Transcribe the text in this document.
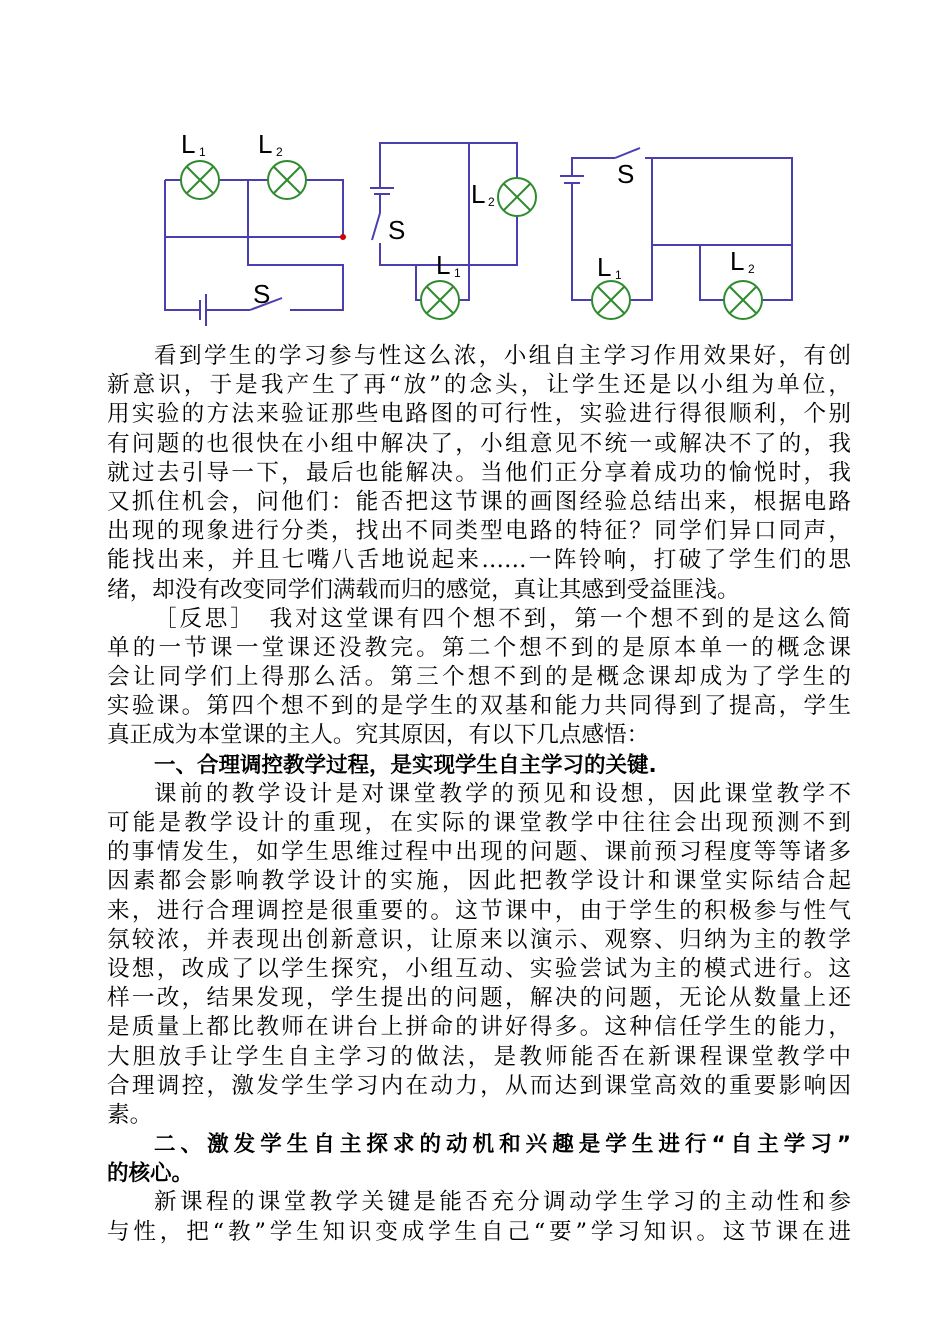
L 1 L 2
S
S
L 2
L 1
S
L 1	L 2

看到学生的学习参与性这么浓，小组自主学习作用效果好，有创
新意识，于是我产生了再“放”的念头，让学生还是以小组为单位，
用实验的方法来验证那些电路图的可行性，实验进行得很顺利，个别
有问题的也很快在小组中解决了，小组意见不统一或解决不了的，我
就过去引导一下，最后也能解决。当他们正分享着成功的愉悦时，我
又抓住机会，问他们：能否把这节课的画图经验总结出来，根据电路
出现的现象进行分类，找出不同类型电路的特征？同学们异口同声，
能找出来，并且七嘴八舌地说起来……一阵铃响，打破了学生们的思
绪，却没有改变同学们满载而归的感觉，真让其感到受益匪浅。

［反思］　我对这堂课有四个想不到，第一个想不到的是这么简
单的一节课一堂课还没教完。第二个想不到的是原本单一的概念课
会让同学们上得那么活。第三个想不到的是概念课却成为了学生的
实验课。第四个想不到的是学生的双基和能力共同得到了提高，学生
真正成为本堂课的主人。究其原因，有以下几点感悟：

一、合理调控教学过程，是实现学生自主学习的关键.

课前的教学设计是对课堂教学的预见和设想，因此课堂教学不
可能是教学设计的重现，在实际的课堂教学中往往会出现预测不到
的事情发生，如学生思维过程中出现的问题、课前预习程度等等诸多
因素都会影响教学设计的实施，因此把教学设计和课堂实际结合起
来，进行合理调控是很重要的。这节课中，由于学生的积极参与性气
氛较浓，并表现出创新意识，让原来以演示、观察、归纳为主的教学
设想，改成了以学生探究，小组互动、实验尝试为主的模式进行。这
样一改，结果发现，学生提出的问题，解决的问题，无论从数量上还
是质量上都比教师在讲台上拼命的讲好得多。这种信任学生的能力，
大胆放手让学生自主学习的做法，是教师能否在新课程课堂教学中
合理调控，激发学生学习内在动力，从而达到课堂高效的重要影响因
素。

二、激发学生自主探求的动机和兴趣是学生进行“自主学习”
的核心。

新课程的课堂教学关键是能否充分调动学生学习的主动性和参
与性，把“教”学生知识变成学生自己“要”学习知识。这节课在进
